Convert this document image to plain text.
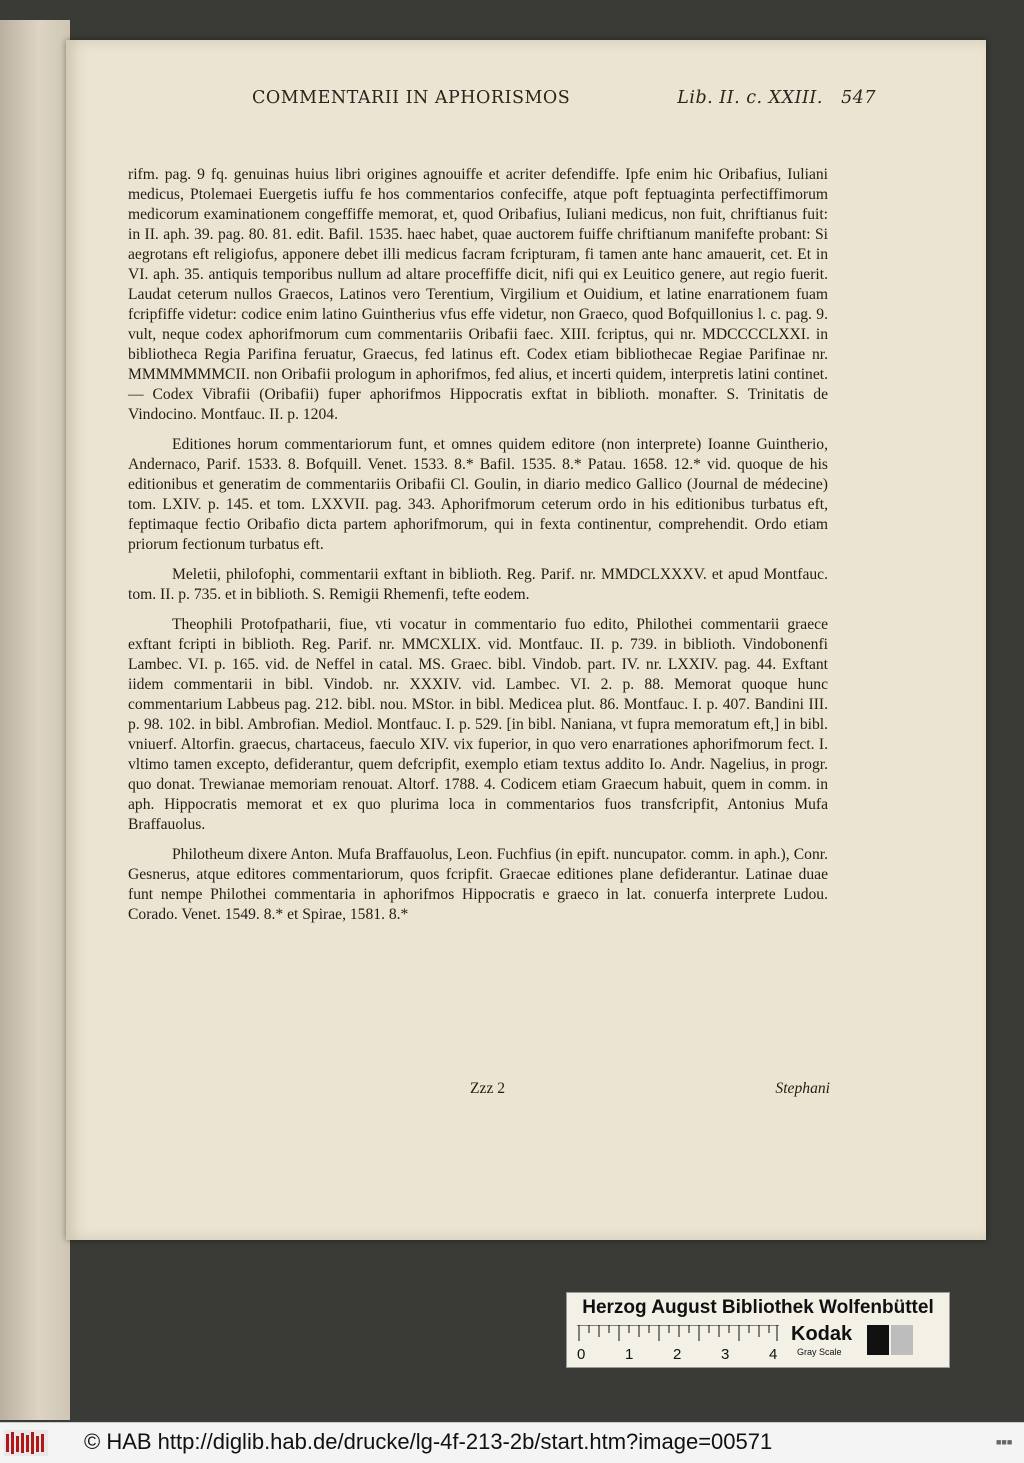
COMMENTARII IN APHORISMOS	Lib. II. c. XXIII. 547

rifm. pag. 9 fq. genuinas huius libri origines agnouiffe et acriter defendiffe. Ipfe enim hic Oribafius, Iuliani medicus, Ptolemaei Euergetis iuffu fe hos commentarios confeciffe, atque poft feptuaginta perfectiffimorum medicorum examinationem congeffiffe memorat, et, quod Oribafius, Iuliani medicus, non fuit, chriftianus fuit: in II. aph. 39. pag. 80. 81. edit. Bafil. 1535. haec habet, quae auctorem fuiffe chriftianum manifefte probant: Si aegrotans eft religiofus, apponere debet illi medicus facram fcripturam, fi tamen ante hanc amauerit, cet. Et in VI. aph. 35. antiquis temporibus nullum ad altare proceffiffe dicit, nifi qui ex Leuitico genere, aut regio fuerit. Laudat ceterum nullos Graecos, Latinos vero Terentium, Virgilium et Ouidium, et latine enarrationem fuam fcripfiffe videtur: codice enim latino Guintherius vfus effe videtur, non Graeco, quod Bofquillonius l. c. pag. 9. vult, neque codex aphorifmorum cum commentariis Oribafii faec. XIII. fcriptus, qui nr. MDCCCCLXXI. in bibliotheca Regia Parifina feruatur, Graecus, fed latinus eft. Codex etiam bibliothecae Regiae Parifinae nr. MMMMMMMCII. non Oribafii prologum in aphorifmos, fed alius, et incerti quidem, interpretis latini continet. — Codex Vibrafii (Oribafii) fuper aphorifmos Hippocratis exftat in biblioth. monafter. S. Trinitatis de Vindocino. Montfauc. II. p. 1204.

Editiones horum commentariorum funt, et omnes quidem editore (non interprete) Ioanne Guintherio, Andernaco, Parif. 1533. 8. Bofquill. Venet. 1533. 8.* Bafil. 1535. 8.* Patau. 1658. 12.* vid. quoque de his editionibus et generatim de commentariis Oribafii Cl. Goulin, in diario medico Gallico (Journal de médecine) tom. LXIV. p. 145. et tom. LXXVII. pag. 343. Aphorifmorum ceterum ordo in his editionibus turbatus eft, feptimaque fectio Oribafio dicta partem aphorifmorum, qui in fexta continentur, comprehendit. Ordo etiam priorum fectionum turbatus eft.

Meletii, philofophi, commentarii exftant in biblioth. Reg. Parif. nr. MMDCLXXXV. et apud Montfauc. tom. II. p. 735. et in biblioth. S. Remigii Rhemenfi, tefte eodem.

Theophili Protofpatharii, fiue, vti vocatur in commentario fuo edito, Philothei commentarii graece exftant fcripti in biblioth. Reg. Parif. nr. MMCXLIX. vid. Montfauc. II. p. 739. in biblioth. Vindobonenfi Lambec. VI. p. 165. vid. de Neffel in catal. MS. Graec. bibl. Vindob. part. IV. nr. LXXIV. pag. 44. Exftant iidem commentarii in bibl. Vindob. nr. XXXIV. vid. Lambec. VI. 2. p. 88. Memorat quoque hunc commentarium Labbeus pag. 212. bibl. nou. MStor. in bibl. Medicea plut. 86. Montfauc. I. p. 407. Bandini III. p. 98. 102. in bibl. Ambrofian. Mediol. Montfauc. I. p. 529. [in bibl. Naniana, vt fupra memoratum eft,] in bibl. vniuerf. Altorfin. graecus, chartaceus, faeculo XIV. vix fuperior, in quo vero enarrationes aphorifmorum fect. I. vltimo tamen excepto, defiderantur, quem defcripfit, exemplo etiam textus addito Io. Andr. Nagelius, in progr. quo donat. Trewianae memoriam renouat. Altorf. 1788. 4. Codicem etiam Graecum habuit, quem in comm. in aph. Hippocratis memorat et ex quo plurima loca in commentarios fuos transfcripfit, Antonius Mufa Braffauolus.

Philotheum dixere Anton. Mufa Braffauolus, Leon. Fuchfius (in epift. nuncupator. comm. in aph.), Conr. Gesnerus, atque editores commentariorum, quos fcripfit. Graecae editiones plane defiderantur. Latinae duae funt nempe Philothei commentaria in aphorifmos Hippocratis e graeco in lat. conuerfa interprete Ludou. Corado. Venet. 1549. 8.* et Spirae, 1581. 8.*

Zzz 2	Stephani
Herzog August Bibliothek Wolfenbüttel
0	1	2	3	4
Kodak
Gray Scale
© HAB http://diglib.hab.de/drucke/lg-4f-213-2b/start.htm?image=00571	■■■
